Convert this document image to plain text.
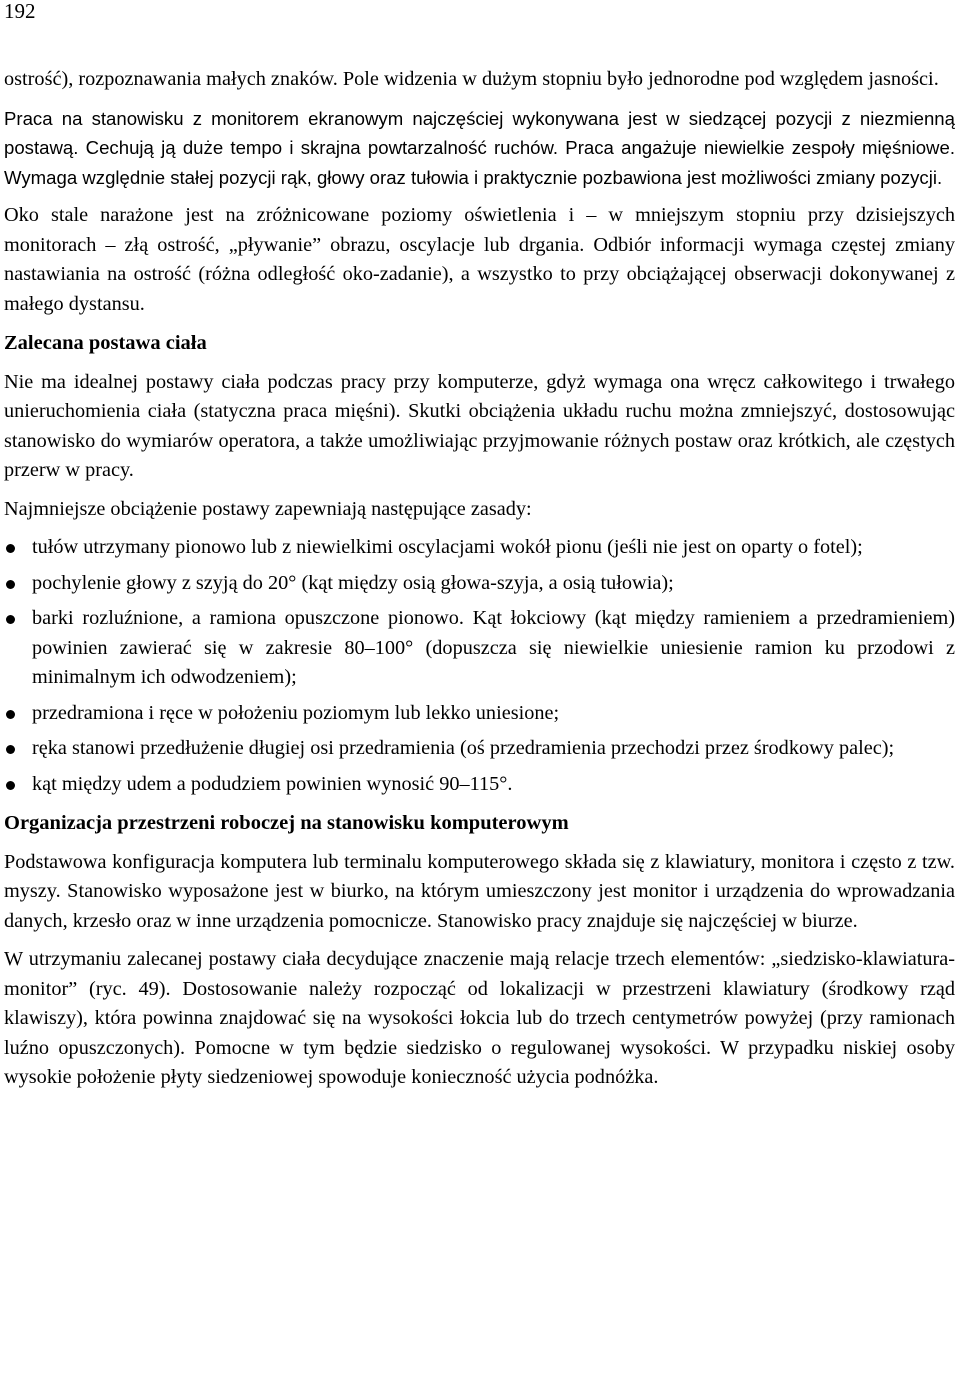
192

ostrość), rozpoznawania małych znaków. Pole widzenia w dużym stopniu było jednorodne pod względem jasności.

Praca na stanowisku z monitorem ekranowym najczęściej wykonywana jest w siedzącej pozycji z niezmienną postawą. Cechują ją duże tempo i skrajna powtarzalność ruchów. Praca angażuje niewielkie zespoły mięśniowe. Wymaga względnie stałej pozycji rąk, głowy oraz tułowia i praktycznie pozbawiona jest możliwości zmiany pozycji.

Oko stale narażone jest na zróżnicowane poziomy oświetlenia i – w mniejszym stopniu przy dzisiejszych monitorach – złą ostrość, „pływanie” obrazu, oscylacje lub drgania. Odbiór informacji wymaga częstej zmiany nastawiania na ostrość (różna odległość oko-zadanie), a wszystko to przy obciążającej obserwacji dokonywanej z małego dystansu.

Zalecana postawa ciała

Nie ma idealnej postawy ciała podczas pracy przy komputerze, gdyż wymaga ona wręcz całkowitego i trwałego unieruchomienia ciała (statyczna praca mięśni). Skutki obciążenia układu ruchu można zmniejszyć, dostosowując stanowisko do wymiarów operatora, a także umożliwiając przyjmowanie różnych postaw oraz krótkich, ale częstych przerw w pracy.

Najmniejsze obciążenie postawy zapewniają następujące zasady:

tułów utrzymany pionowo lub z niewielkimi oscylacjami wokół pionu (jeśli nie jest on oparty o fotel);
pochylenie głowy z szyją do 20° (kąt między osią głowa-szyja, a osią tułowia);
barki rozluźnione, a ramiona opuszczone pionowo. Kąt łokciowy (kąt między ramieniem a przedramieniem) powinien zawierać się w zakresie 80–100° (dopuszcza się niewielkie uniesienie ramion ku przodowi z minimalnym ich odwodzeniem);
przedramiona i ręce w położeniu poziomym lub lekko uniesione;
ręka stanowi przedłużenie długiej osi przedramienia (oś przedramienia przechodzi przez środkowy palec);
kąt między udem a podudziem powinien wynosić 90–115°.
Organizacja przestrzeni roboczej na stanowisku komputerowym

Podstawowa konfiguracja komputera lub terminalu komputerowego składa się z klawiatury, monitora i często z tzw. myszy. Stanowisko wyposażone jest w biurko, na którym umieszczony jest monitor i urządzenia do wprowadzania danych, krzesło oraz w inne urządzenia pomocnicze. Stanowisko pracy znajduje się najczęściej w biurze.

W utrzymaniu zalecanej postawy ciała decydujące znaczenie mają relacje trzech elementów: „siedzisko-klawiatura-monitor” (ryc. 49). Dostosowanie należy rozpocząć od lokalizacji w przestrzeni klawiatury (środkowy rząd klawiszy), która powinna znajdować się na wysokości łokcia lub do trzech centymetrów powyżej (przy ramionach luźno opuszczonych). Pomocne w tym będzie siedzisko o regulowanej wysokości. W przypadku niskiej osoby wysokie położenie płyty siedzeniowej spowoduje konieczność użycia podnóżka.
